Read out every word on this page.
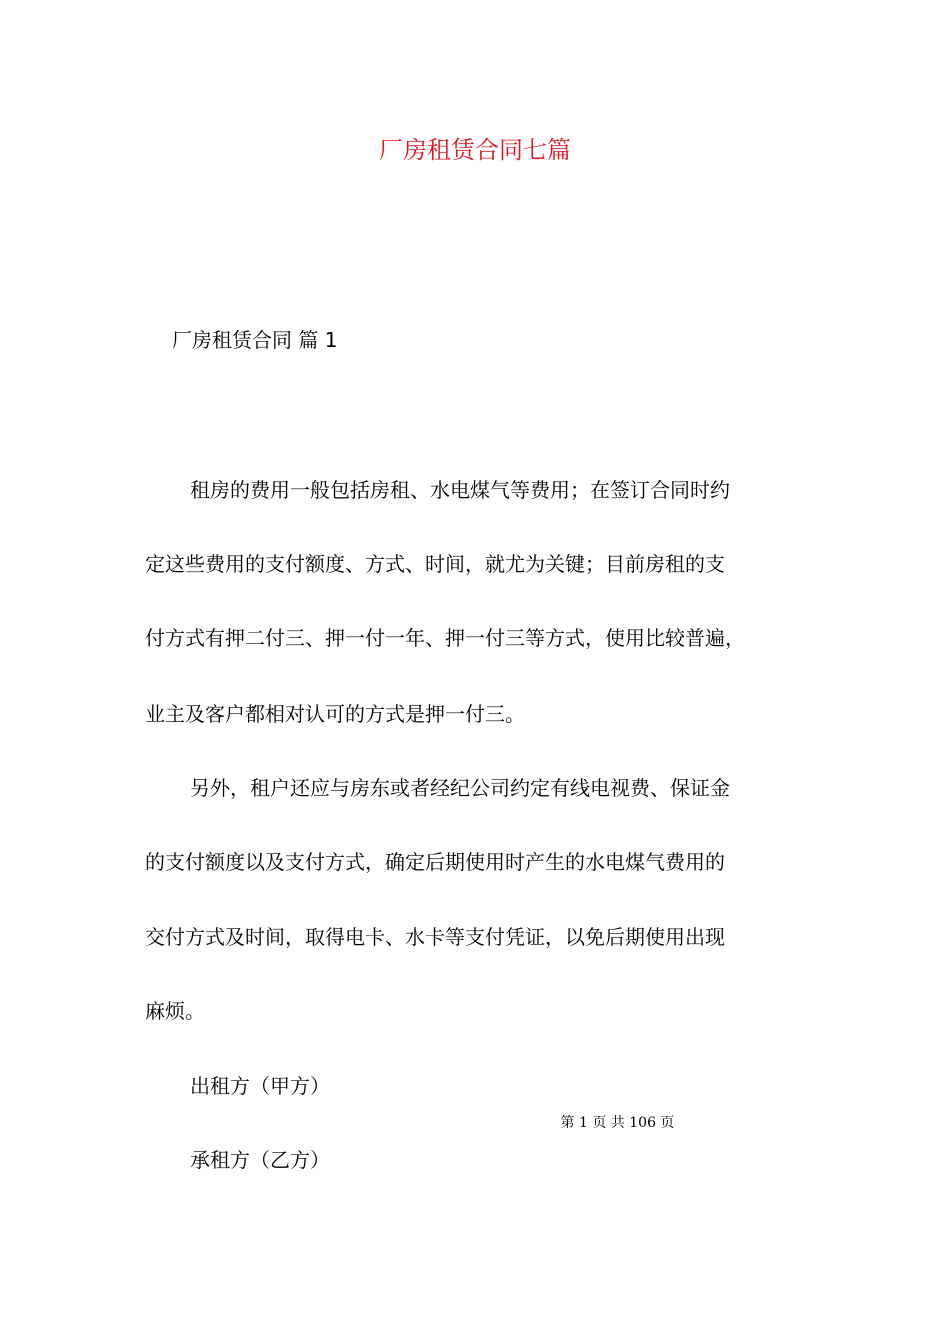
厂房租赁合同七篇
厂房租赁合同 篇 1
租房的费用一般包括房租、水电煤气等费用；在签订合同时约
定这些费用的支付额度、方式、时间，就尤为关键；目前房租的支
付方式有押二付三、押一付一年、押一付三等方式，使用比较普遍，
业主及客户都相对认可的方式是押一付三。
另外，租户还应与房东或者经纪公司约定有线电视费、保证金
的支付额度以及支付方式，确定后期使用时产生的水电煤气费用的
交付方式及时间，取得电卡、水卡等支付凭证，以免后期使用出现
麻烦。
出租方（甲方）
第 1 页 共 106 页
承租方（乙方）
